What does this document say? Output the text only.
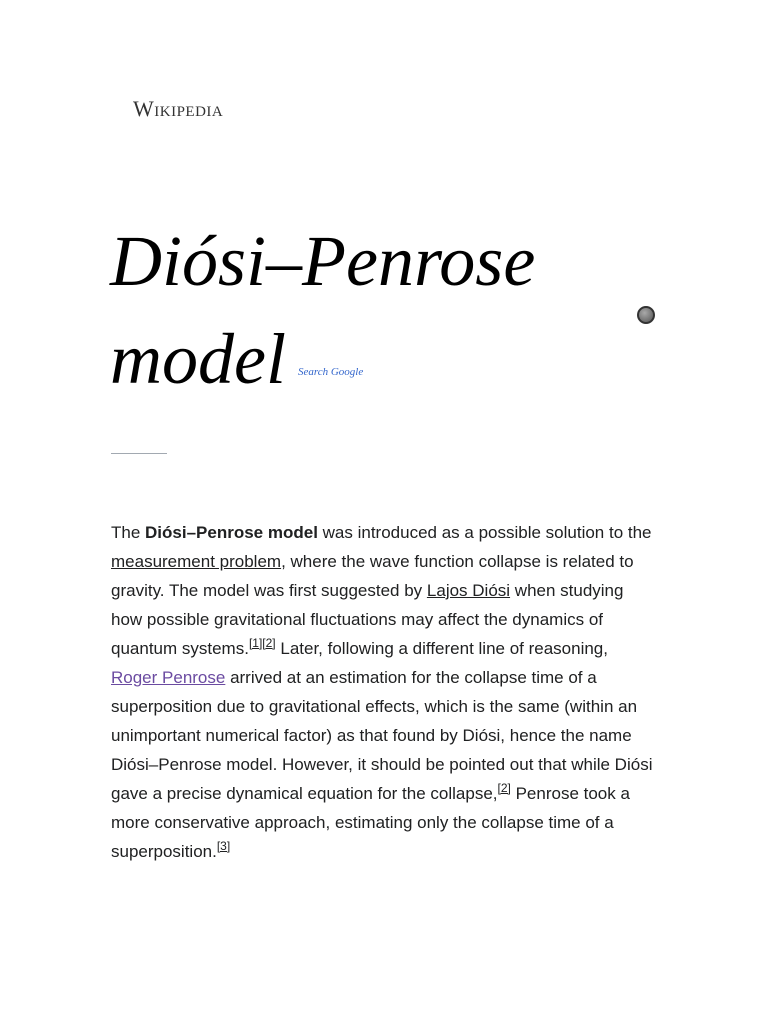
Wikipedia
Diósi–Penrose
model Search Google

The Diósi–Penrose model was introduced as a possible solution to the measurement problem, where the wave function collapse is related to gravity. The model was first suggested by Lajos Diósi when studying how possible gravitational fluctuations may affect the dynamics of quantum systems.[1][2] Later, following a different line of reasoning, Roger Penrose arrived at an estimation for the collapse time of a superposition due to gravitational effects, which is the same (within an unimportant numerical factor) as that found by Diósi, hence the name Diósi–Penrose model. However, it should be pointed out that while Diósi gave a precise dynamical equation for the collapse,[2] Penrose took a more conservative approach, estimating only the collapse time of a superposition.[3]
